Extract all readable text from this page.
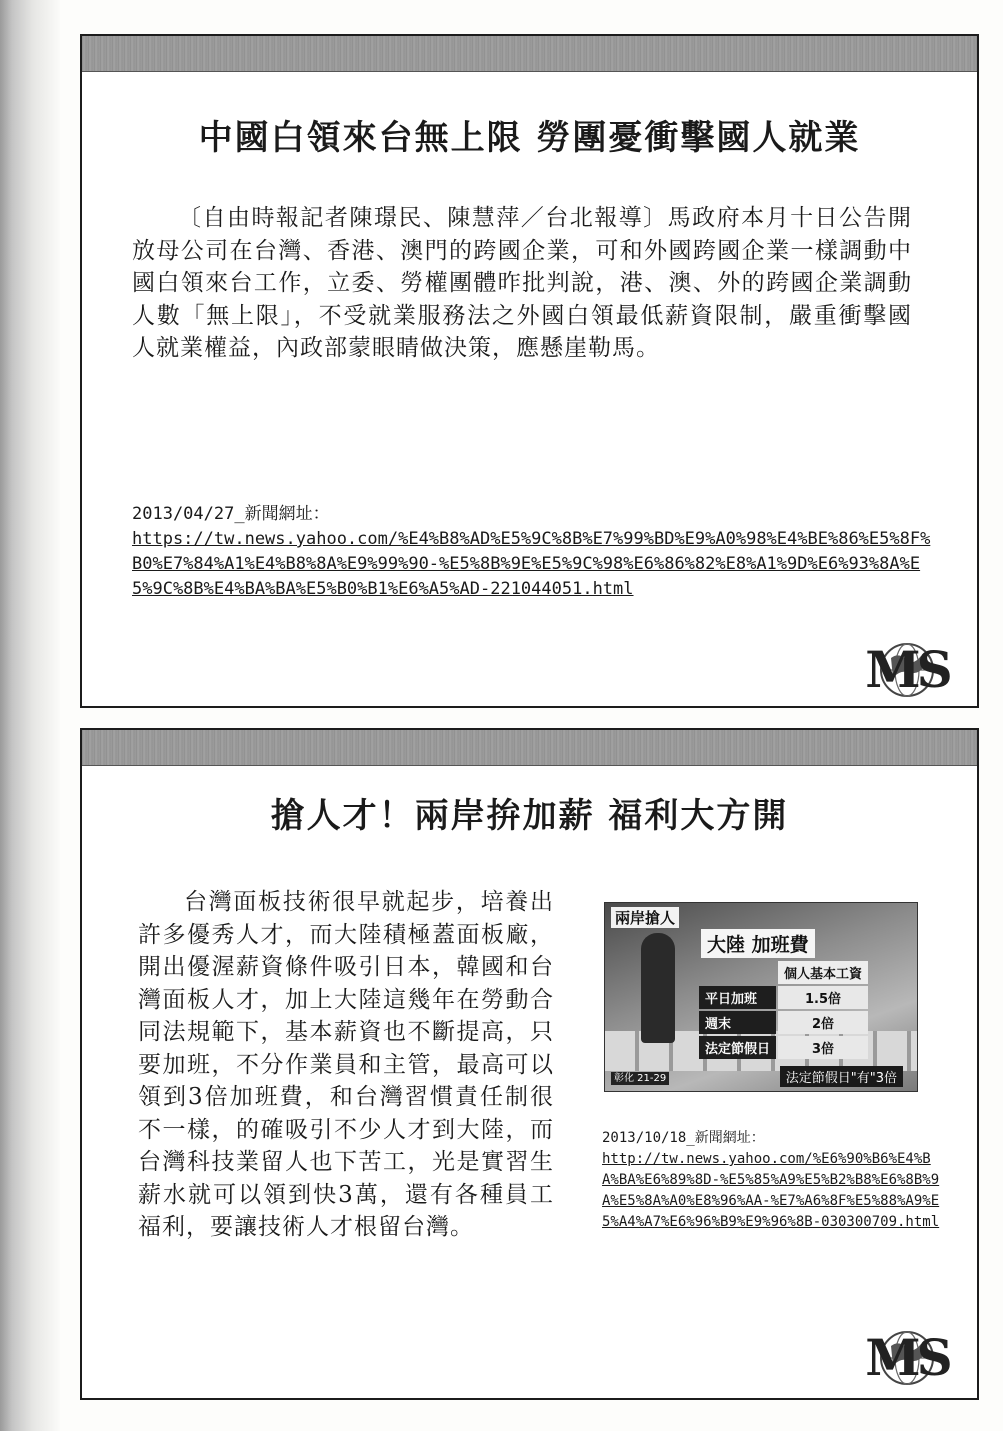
中國白領來台無上限 勞團憂衝擊國人就業
〔自由時報記者陳璟民、陳慧萍／台北報導〕馬政府本月十日公告開放母公司在台灣、香港、澳門的跨國企業，可和外國跨國企業一樣調動中國白領來台工作，立委、勞權團體昨批判說，港、澳、外的跨國企業調動人數「無上限」，不受就業服務法之外國白領最低薪資限制，嚴重衝擊國人就業權益，內政部蒙眼睛做決策，應懸崖勒馬。
2013/04/27_新聞網址：
https://tw.news.yahoo.com/%E4%B8%AD%E5%9C%8B%E7%99%BD%E9%A0%98%E4%BE%86%E5%8F%B0%E7%84%A1%E4%B8%8A%E9%99%90-%E5%8B%9E%E5%9C%98%E6%86%82%E8%A1%9D%E6%93%8A%E5%9C%8B%E4%BA%BA%E5%B0%B1%E6%A5%AD-221044051.html
MS
搶人才！兩岸拚加薪 福利大方開
台灣面板技術很早就起步，培養出許多優秀人才，而大陸積極蓋面板廠，開出優渥薪資條件吸引日本，韓國和台灣面板人才，加上大陸這幾年在勞動合同法規範下，基本薪資也不斷提高，只要加班，不分作業員和主管，最高可以領到3倍加班費，和台灣習慣責任制很不一樣，的確吸引不少人才到大陸，而台灣科技業留人也下苦工，光是實習生薪水就可以領到快3萬，還有各種員工福利，要讓技術人才根留台灣。
兩岸搶人
大陸 加班費
	個人基本工資
平日加班	1.5倍
週末	2倍
法定節假日	3倍
彰化 21-29	法定節假日"有"3倍
2013/10/18_新聞網址：
http://tw.news.yahoo.com/%E6%90%B6%E4%BA%BA%E6%89%8D-%E5%85%A9%E5%B2%B8%E6%8B%9A%E5%8A%A0%E8%96%AA-%E7%A6%8F%E5%88%A9%E5%A4%A7%E6%96%B9%E9%96%8B-030300709.html
MS
